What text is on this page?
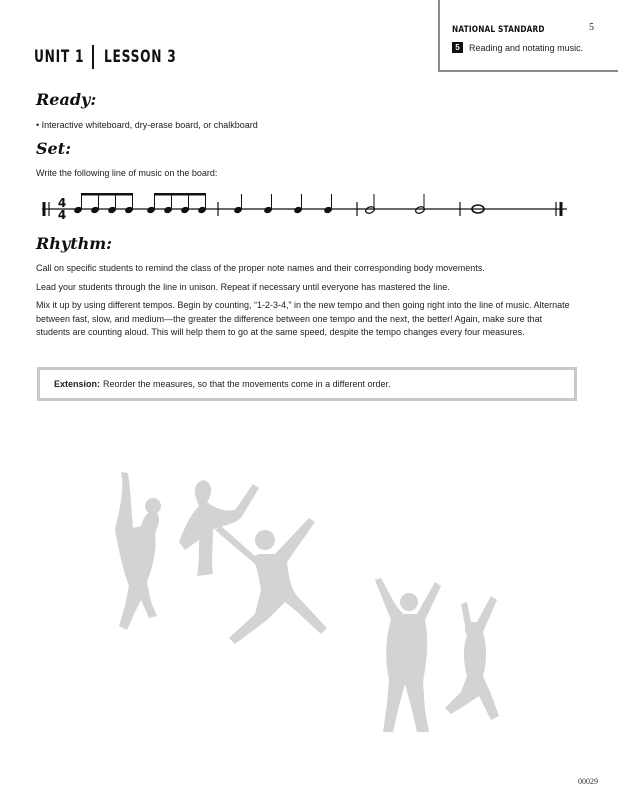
5
NATIONAL STANDARD
5	Reading and notating music.
UNIT 1 LESSON 3
Ready:
• Interactive whiteboard, dry-erase board, or chalkboard
Set:
Write the following line of music on the board:
4
4
Rhythm:

Call on specific students to remind the class of the proper note names and their corresponding body movements.

Lead your students through the line in unison. Repeat if necessary until everyone has mastered the line.

Mix it up by using different tempos. Begin by counting, “1-2-3-4,” in the new tempo and then going right into the line of music. Alternate between fast, slow, and medium—the greater the difference between one tempo and the next, the better! Again, make sure that students are counting aloud. This will help them to go at the same speed, despite the tempo changes every four measures.

Extension: Reorder the measures, so that the movements come in a different order.
00029
